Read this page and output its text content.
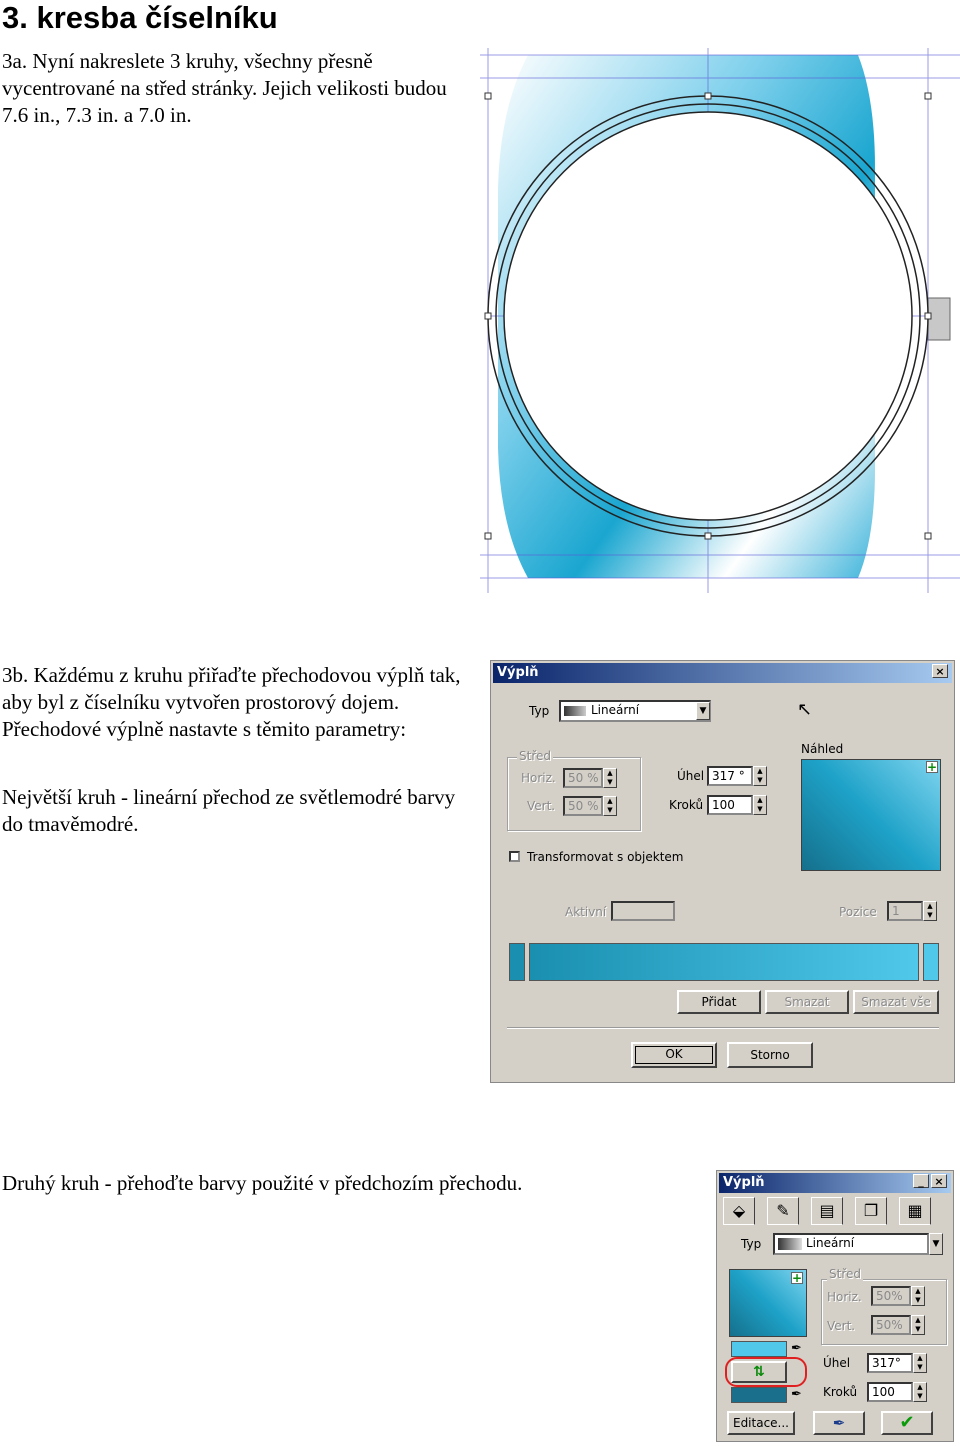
3. kresba číselníku

3a. Nyní nakreslete 3 kruhy, všechny přesně vycentrované na střed stránky. Jejich velikosti budou 7.6 in., 7.3 in. a 7.0 in.

3b. Každému z kruhu přiřaďte přechodovou výplň tak, aby byl z číselníku vytvořen prostorový dojem. Přechodové výplně nastavte s těmito parametry:

Největší kruh - lineární přechod ze světlemodré barvy do tmavěmodré.

Výplň	×
Typ	Lineární	▼	↖
Střed
Horiz.	50 %	▲
▼
Vert.	50 %	▲
▼
Úhel 317 °	▲
▼
Kroků 100	▲
▼
Náhled
+
Transformovat s objektem
Aktivní	Pozice	1	▲
▼
Přidat	Smazat	Smazat vše
OK	Storno

Druhý kruh - přehoďte barvy použité v předchozím přechodu.	Výplň	_ ×
⬙	✎	▤	❐	▦
Typ	Lineární	▼
+ Střed
Horiz.	50%	▲
▼
Vert.	50%	▲
▼
✒
⇅
✒
Úhel	317°	▲
▼
Kroků	100	▲
▼
Editace...	✒	✔
